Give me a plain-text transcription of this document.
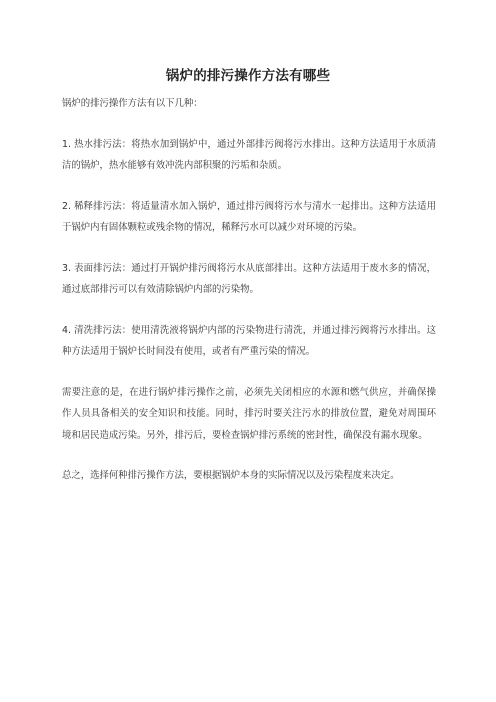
锅炉的排污操作方法有哪些

锅炉的排污操作方法有以下几种：

1. 热水排污法：将热水加到锅炉中，通过外部排污阀将污水排出。这种方法适用于水质清洁的锅炉，热水能够有效冲洗内部积聚的污垢和杂质。

2. 稀释排污法：将适量清水加入锅炉，通过排污阀将污水与清水一起排出。这种方法适用于锅炉内有固体颗粒或残余物的情况，稀释污水可以减少对环境的污染。

3. 表面排污法：通过打开锅炉排污阀将污水从底部排出。这种方法适用于废水多的情况，通过底部排污可以有效清除锅炉内部的污染物。

4. 清洗排污法：使用清洗液将锅炉内部的污染物进行清洗，并通过排污阀将污水排出。这种方法适用于锅炉长时间没有使用，或者有严重污染的情况。

需要注意的是，在进行锅炉排污操作之前，必须先关闭相应的水源和燃气供应，并确保操作人员具备相关的安全知识和技能。同时，排污时要关注污水的排放位置，避免对周围环境和居民造成污染。另外，排污后，要检查锅炉排污系统的密封性，确保没有漏水现象。

总之，选择何种排污操作方法，要根据锅炉本身的实际情况以及污染程度来决定。
